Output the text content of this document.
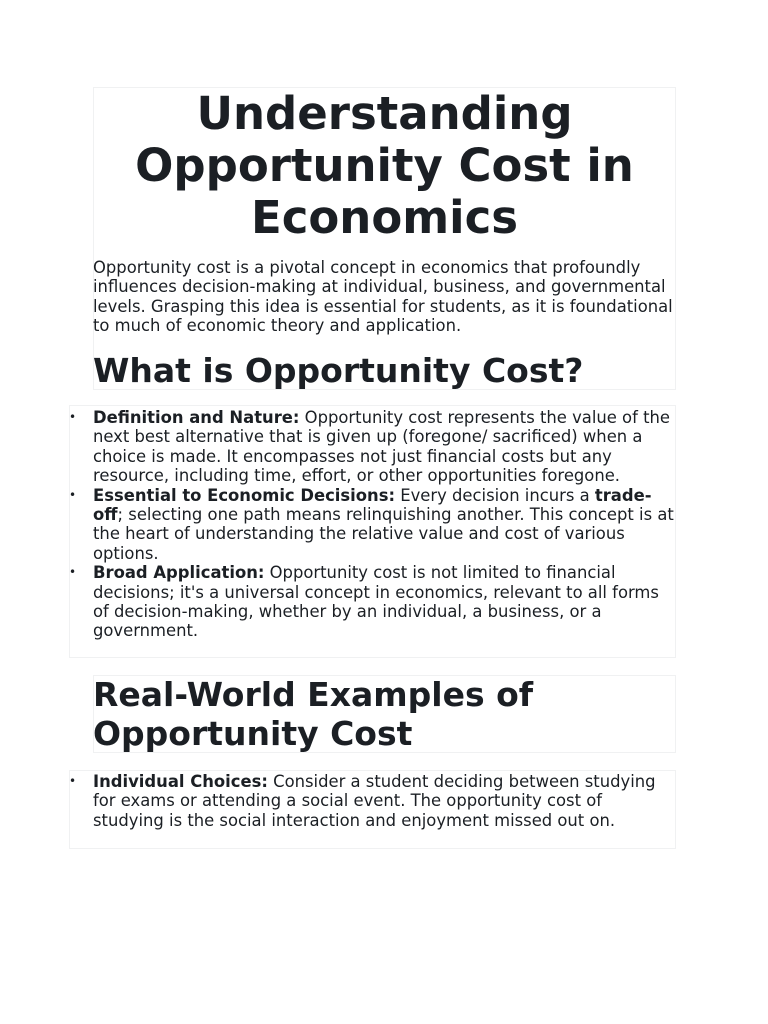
Understanding Opportunity Cost in Economics

Opportunity cost is a pivotal concept in economics that profoundly influences decision-making at individual, business, and governmental levels. Grasping this idea is essential for students, as it is foundational to much of economic theory and application.

What is Opportunity Cost?
• Definition and Nature: Opportunity cost represents the value of the next best alternative that is given up (foregone/ sacrificed) when a choice is made. It encompasses not just financial costs but any resource, including time, effort, or other opportunities foregone.
• Essential to Economic Decisions: Every decision incurs a trade-off; selecting one path means relinquishing another. This concept is at the heart of understanding the relative value and cost of various options.
• Broad Application: Opportunity cost is not limited to financial decisions; it's a universal concept in economics, relevant to all forms of decision-making, whether by an individual, a business, or a government.
Real-World Examples of Opportunity Cost
• Individual Choices: Consider a student deciding between studying for exams or attending a social event. The opportunity cost of studying is the social interaction and enjoyment missed out on.
